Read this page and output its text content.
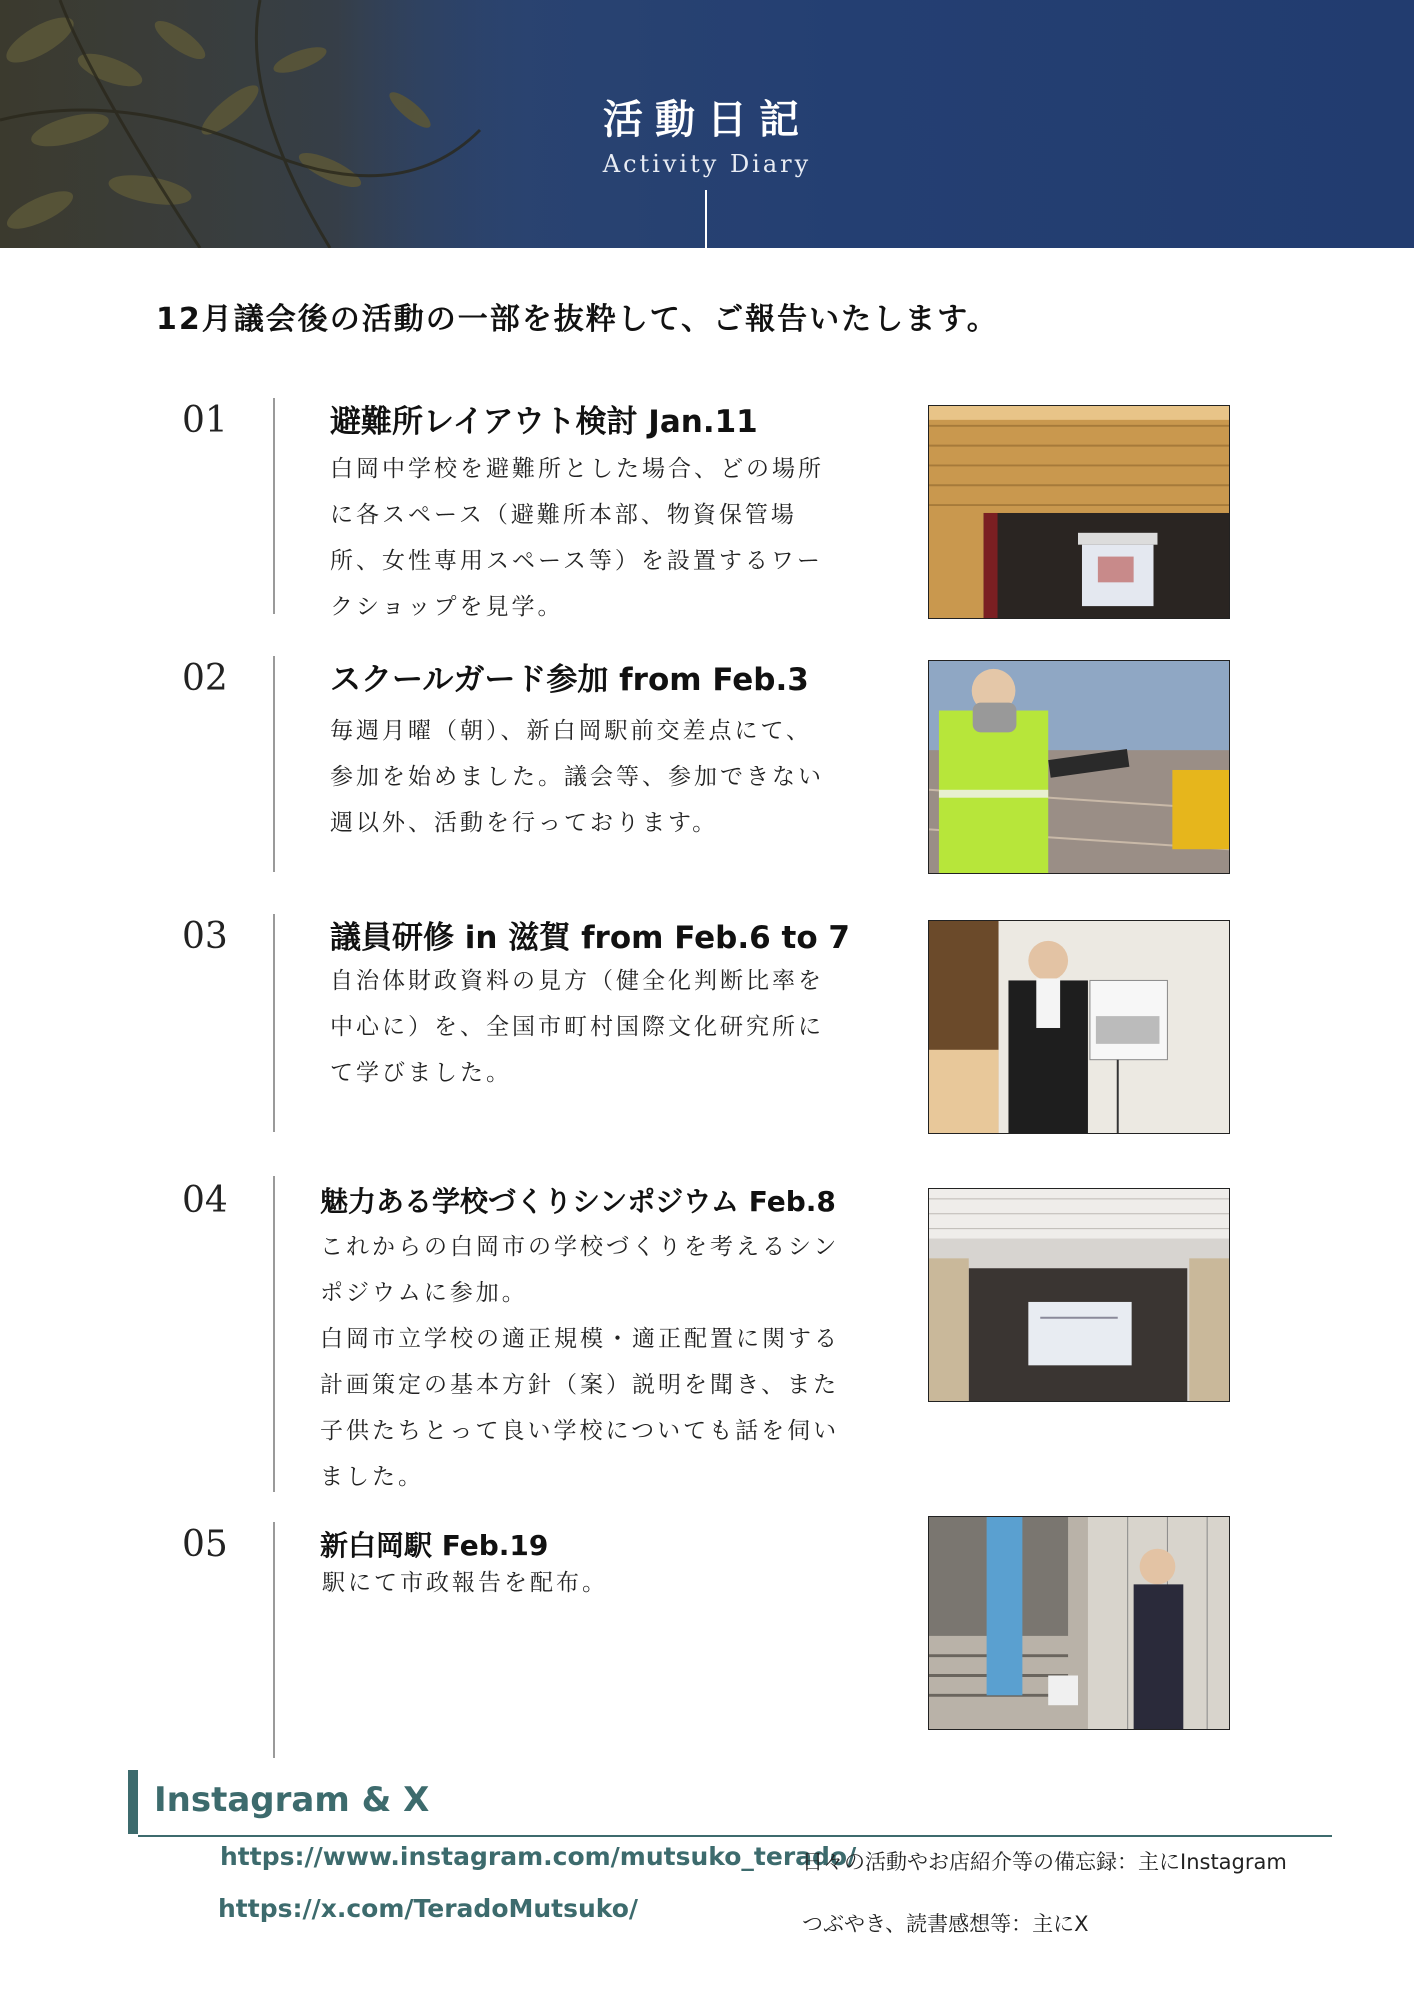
活動日記
Activity Diary
12月議会後の活動の一部を抜粋して、ご報告いたします。
01	避難所レイアウト検討 Jan.11
白岡中学校を避難所とした場合、どの場所
に各スペース（避難所本部、物資保管場
所、女性専用スペース等）を設置するワー
クショップを見学。
02	スクールガード参加 from Feb.3
毎週月曜（朝）、新白岡駅前交差点にて、
参加を始めました。議会等、参加できない
週以外、活動を行っております。
03	議員研修 in 滋賀 from Feb.6 to 7
自治体財政資料の見方（健全化判断比率を
中心に）を、全国市町村国際文化研究所に
て学びました。
04	魅力ある学校づくりシンポジウム Feb.8
これからの白岡市の学校づくりを考えるシン
ポジウムに参加。
白岡市立学校の適正規模・適正配置に関する
計画策定の基本方針（案）説明を聞き、また
子供たちとって良い学校についても話を伺い
ました。
05	新白岡駅 Feb.19
駅にて市政報告を配布。
Instagram & X
https://www.instagram.com/mutsuko_terado/
日々の活動やお店紹介等の備忘録：主にInstagram
https://x.com/TeradoMutsuko/
つぶやき、読書感想等：主にX
